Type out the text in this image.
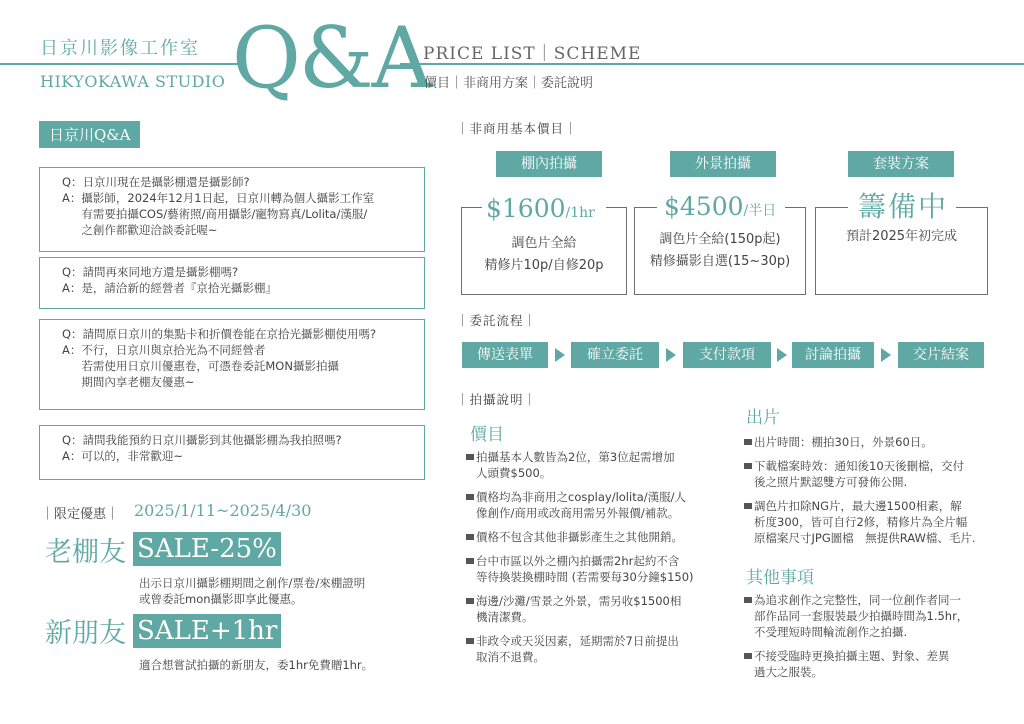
日京川影像工作室
HIKYOKAWA STUDIO Q&A
PRICE LIST｜SCHEME
價目｜非商用方案｜委託說明
日京川Q&A
Q： 日京川現在是攝影棚還是攝影師?
A： 攝影師，2024年12月1日起，日京川轉為個人攝影工作室
有需要拍攝COS/藝術照/商用攝影/寵物寫真/Lolita/漢服/
之創作都歡迎洽談委託喔~
Q： 請問再來同地方還是攝影棚嗎?
A： 是，請洽新的經營者『京拾光攝影棚』
Q： 請問原日京川的集點卡和折價卷能在京拾光攝影棚使用嗎?
A： 不行，日京川與京拾光為不同經營者
若需使用日京川優惠卷，可憑卷委託MON攝影拍攝
期間內享老棚友優惠~
Q： 請問我能預約日京川攝影到其他攝影棚為我拍照嗎?
A： 可以的，非常歡迎~
｜限定優惠｜ 2025/1/11~2025/4/30
老棚友 SALE-25%
出示日京川攝影棚期間之創作/票卷/來棚證明
或曾委託mon攝影即享此優惠。
新朋友 SALE+1hr
適合想嘗試拍攝的新朋友，委1hr免費贈1hr。
｜非商用基本價目｜
棚內拍攝	外景拍攝	套裝方案
$1600/1hr
調色片全給
精修片10p/自修20p
$4500/半日
調色片全給(150p起)
精修攝影自選(15~30p)
籌備中
預計2025年初完成
｜委託流程｜
傳送表單	確立委託	支付款項	討論拍攝	交片結案
｜拍攝說明｜
價目
拍攝基本人數皆為2位，第3位起需增加
人頭費$500。
價格均為非商用之cosplay/lolita/漢服/人
像創作/商用或改商用需另外報價/補款。
價格不包含其他非攝影產生之其他開銷。
台中市區以外之棚內拍攝需2hr起約不含
等待換裝換棚時間 (若需要每30分鐘$150)
海邊/沙灘/雪景之外景，需另收$1500相
機清潔費。
非政令或天災因素，延期需於7日前提出
取消不退費。
出片
出片時間：棚拍30日，外景60日。
下載檔案時效：通知後10天後刪檔，交付
後之照片默認雙方可發佈公開.
調色片扣除NG片，最大邊1500相素，解
析度300，皆可自行2修，精修片為全片幅
原檔案尺寸JPG圖檔　無提供RAW檔、毛片.
其他事項
為追求創作之完整性，同一位創作者同一
部作品同一套服裝最少拍攝時間為1.5hr，
不受理短時間輪流創作之拍攝.
不接受臨時更換拍攝主題、對象、差異
過大之服裝。
